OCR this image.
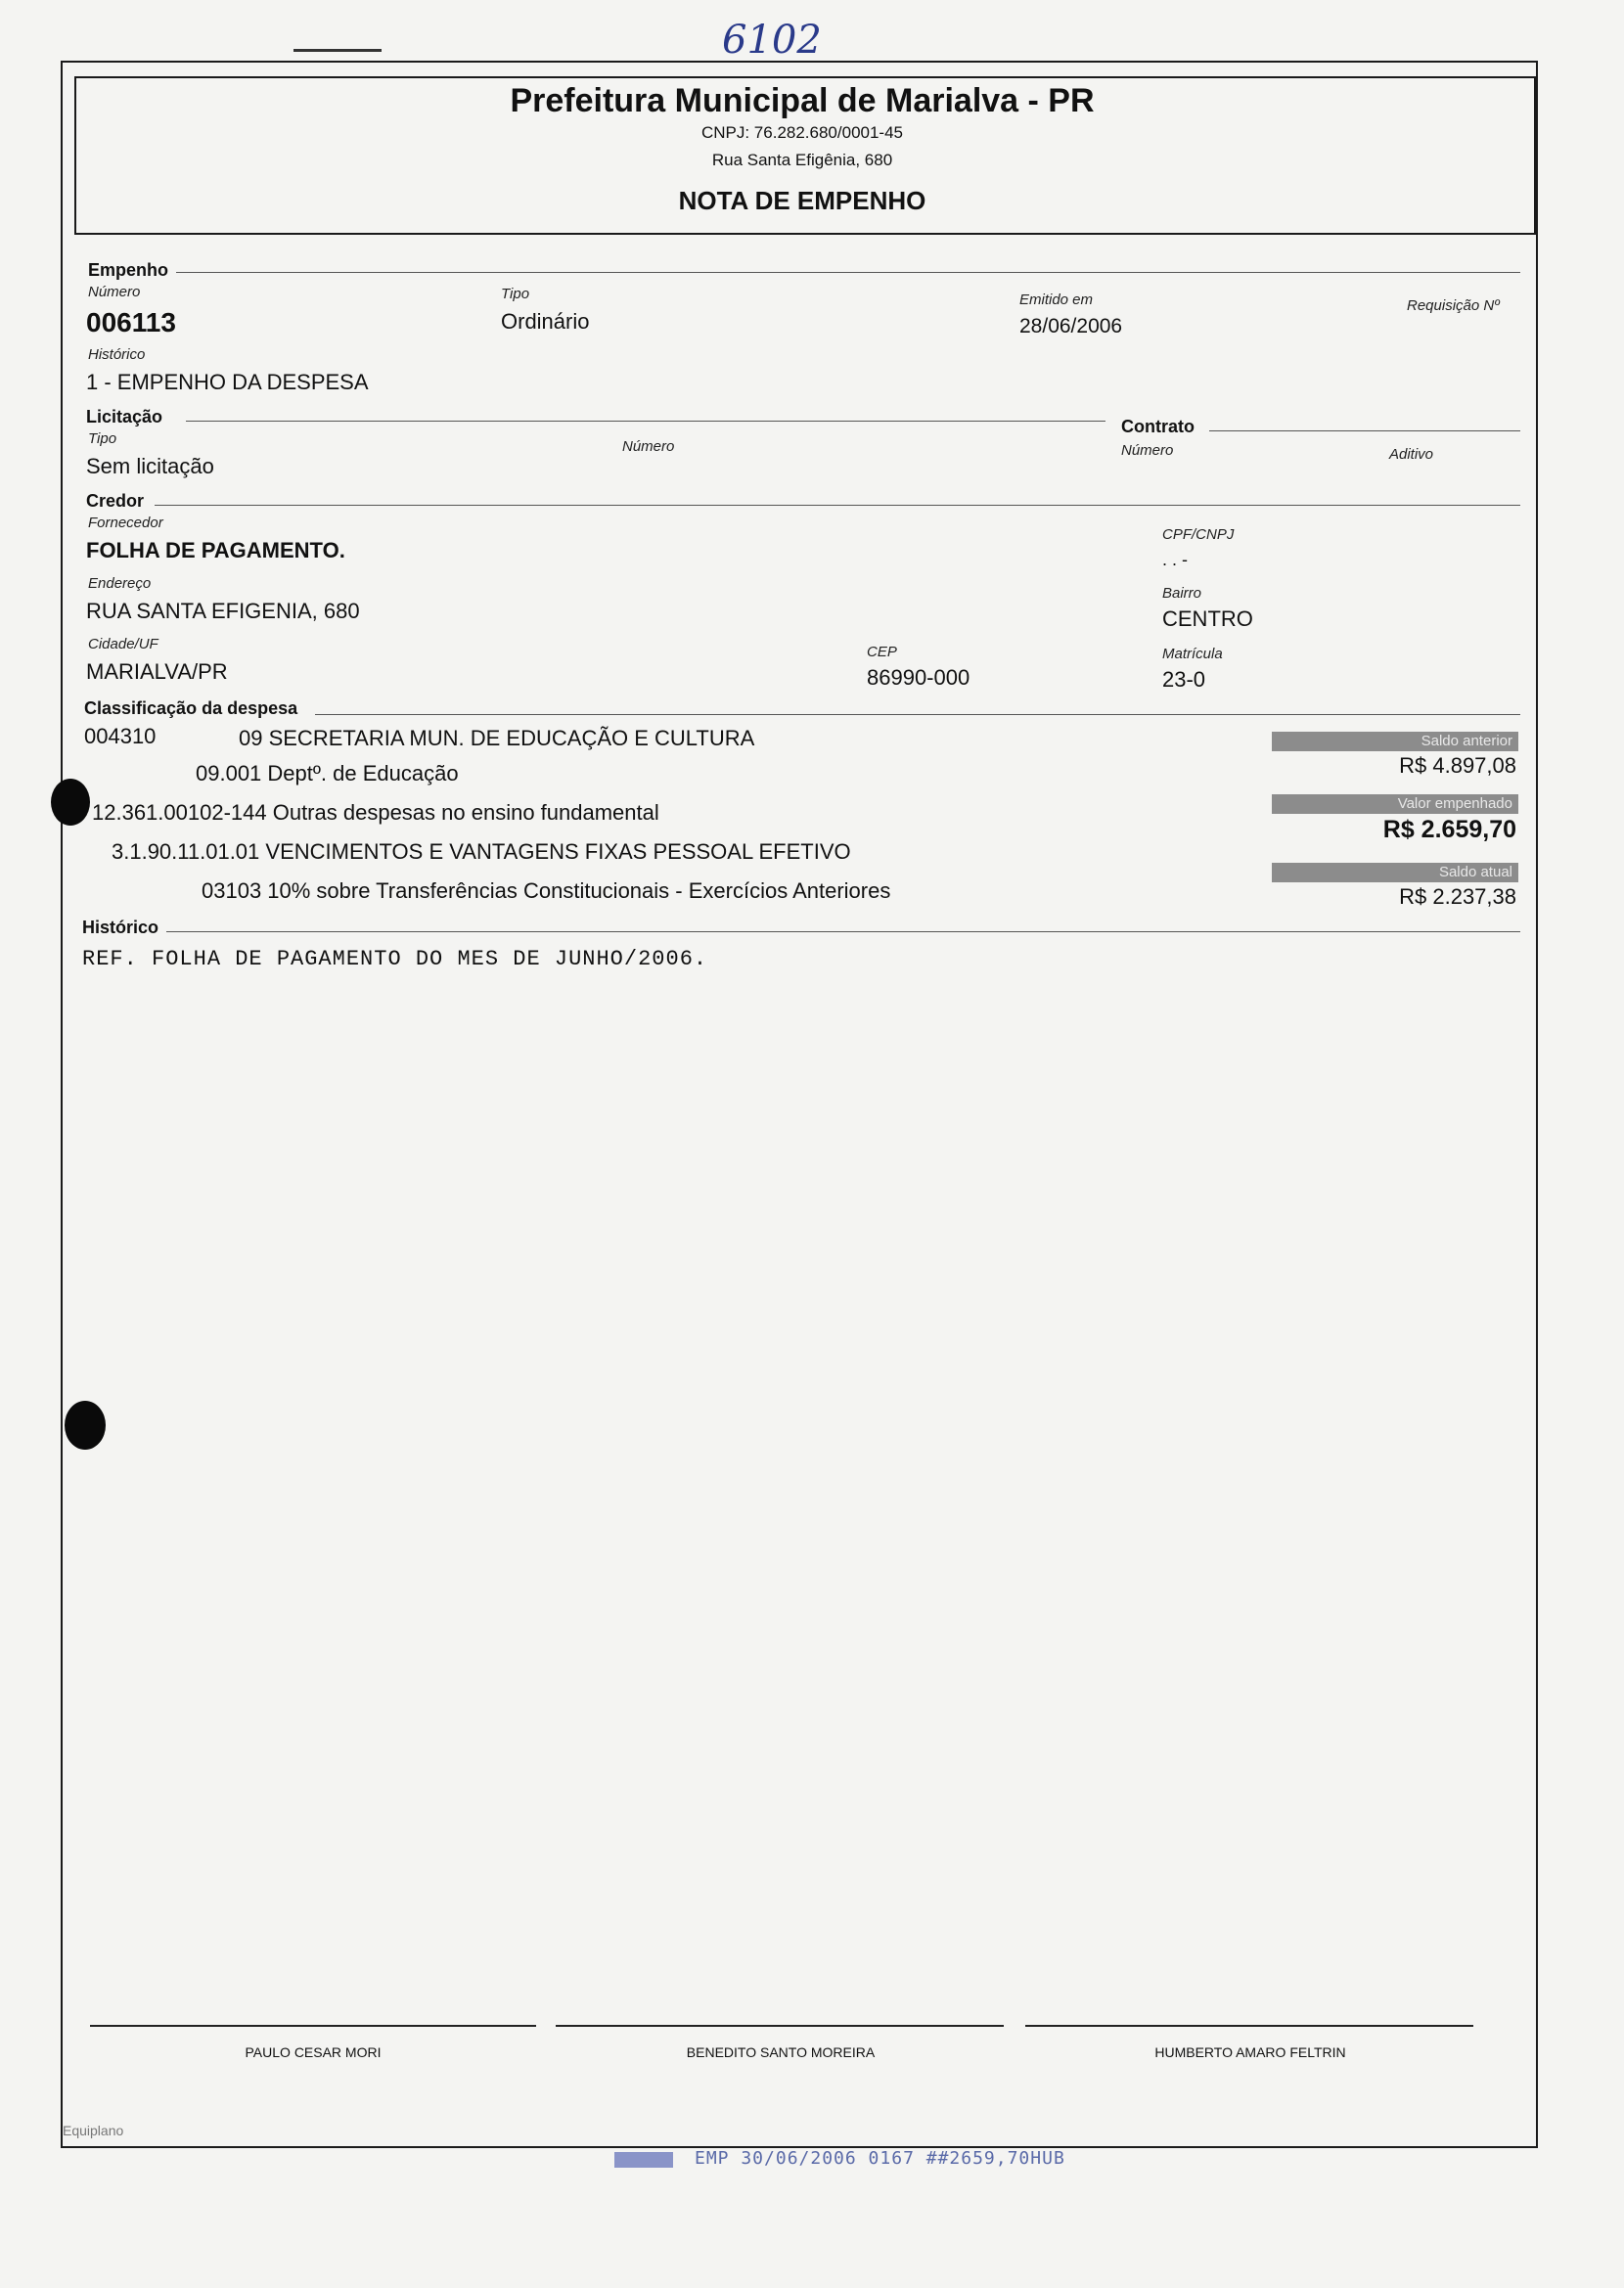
6102
Prefeitura Municipal de Marialva - PR
CNPJ: 76.282.680/0001-45
Rua Santa Efigênia, 680
NOTA DE EMPENHO
Empenho
Número
006113
Tipo
Ordinário
Emitido em
28/06/2006
Requisição Nº
Histórico
1 - EMPENHO DA DESPESA
Licitação
Tipo
Sem licitação
Número
Contrato
Número	Aditivo
Credor
Fornecedor
FOLHA DE PAGAMENTO.
CPF/CNPJ
. . -
Endereço
RUA SANTA EFIGENIA, 680
Bairro
CENTRO
Cidade/UF
MARIALVA/PR
CEP
86990-000
Matrícula
23-0
Classificação da despesa
004310	09 SECRETARIA MUN. DE EDUCAÇÃO E CULTURA
09.001 Deptº. de Educação
12.361.00102-144 Outras despesas no ensino fundamental
3.1.90.11.01.01 VENCIMENTOS E VANTAGENS FIXAS PESSOAL EFETIVO
03103 10% sobre Transferências Constitucionais - Exercícios Anteriores
Saldo anterior
R$ 4.897,08
Valor empenhado
R$ 2.659,70
Saldo atual
R$ 2.237,38
Histórico
REF. FOLHA DE PAGAMENTO DO MES DE JUNHO/2006.
PAULO CESAR MORI	BENEDITO SANTO MOREIRA	HUMBERTO AMARO FELTRIN
Equiplano
EMP 30/06/2006 0167 ##2659,70HUB
